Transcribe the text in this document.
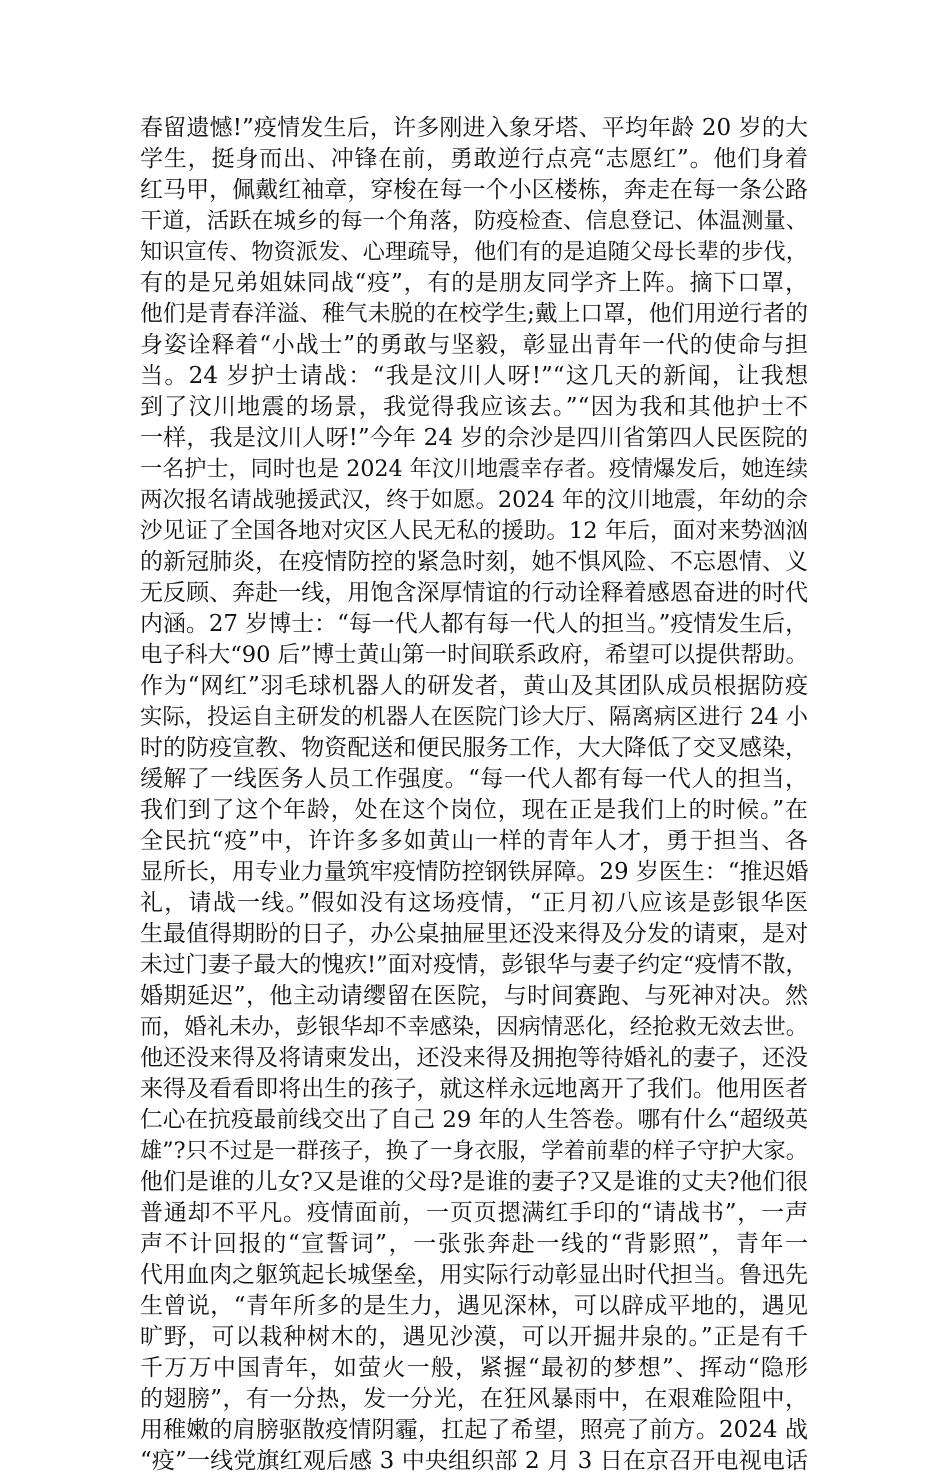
春留遗憾!”疫情发生后，许多刚进入象牙塔、平均年龄 20 岁的大
学生，挺身而出、冲锋在前，勇敢逆行点亮“志愿红”。他们身着
红马甲，佩戴红袖章，穿梭在每一个小区楼栋，奔走在每一条公路
干道，活跃在城乡的每一个角落，防疫检查、信息登记、体温测量、
知识宣传、物资派发、心理疏导，他们有的是追随父母长辈的步伐，
有的是兄弟姐妹同战“疫”，有的是朋友同学齐上阵。摘下口罩，
他们是青春洋溢、稚气未脱的在校学生;戴上口罩，他们用逆行者的
身姿诠释着“小战士”的勇敢与坚毅，彰显出青年一代的使命与担
当。24 岁护士请战：“我是汶川人呀!”“这几天的新闻，让我想
到了汶川地震的场景，我觉得我应该去。”“因为我和其他护士不
一样，我是汶川人呀!”今年 24 岁的佘沙是四川省第四人民医院的
一名护士，同时也是 2024 年汶川地震幸存者。疫情爆发后，她连续
两次报名请战驰援武汉，终于如愿。2024 年的汶川地震，年幼的佘
沙见证了全国各地对灾区人民无私的援助。12 年后，面对来势汹汹
的新冠肺炎，在疫情防控的紧急时刻，她不惧风险、不忘恩情、义
无反顾、奔赴一线，用饱含深厚情谊的行动诠释着感恩奋进的时代
内涵。27 岁博士：“每一代人都有每一代人的担当。”疫情发生后，
电子科大“90 后”博士黄山第一时间联系政府，希望可以提供帮助。
作为“网红”羽毛球机器人的研发者，黄山及其团队成员根据防疫
实际，投运自主研发的机器人在医院门诊大厅、隔离病区进行 24 小
时的防疫宣教、物资配送和便民服务工作，大大降低了交叉感染，
缓解了一线医务人员工作强度。“每一代人都有每一代人的担当，
我们到了这个年龄，处在这个岗位，现在正是我们上的时候。”在
全民抗“疫”中，许许多多如黄山一样的青年人才，勇于担当、各
显所长，用专业力量筑牢疫情防控钢铁屏障。29 岁医生：“推迟婚
礼，请战一线。”假如没有这场疫情，“正月初八应该是彭银华医
生最值得期盼的日子，办公桌抽屉里还没来得及分发的请柬，是对
未过门妻子最大的愧疚!”面对疫情，彭银华与妻子约定“疫情不散，
婚期延迟”，他主动请缨留在医院，与时间赛跑、与死神对决。然
而，婚礼未办，彭银华却不幸感染，因病情恶化，经抢救无效去世。
他还没来得及将请柬发出，还没来得及拥抱等待婚礼的妻子，还没
来得及看看即将出生的孩子，就这样永远地离开了我们。他用医者
仁心在抗疫最前线交出了自己 29 年的人生答卷。哪有什么“超级英
雄”?只不过是一群孩子，换了一身衣服，学着前辈的样子守护大家。
他们是谁的儿女?又是谁的父母?是谁的妻子?又是谁的丈夫?他们很
普通却不平凡。疫情面前，一页页摁满红手印的“请战书”，一声
声不计回报的“宣誓词”，一张张奔赴一线的“背影照”，青年一
代用血肉之躯筑起长城堡垒，用实际行动彰显出时代担当。鲁迅先
生曾说，“青年所多的是生力，遇见深林，可以辟成平地的，遇见
旷野，可以栽种树木的，遇见沙漠，可以开掘井泉的。”正是有千
千万万中国青年，如萤火一般，紧握“最初的梦想”、挥动“隐形
的翅膀”，有一分热，发一分光，在狂风暴雨中，在艰难险阻中，
用稚嫩的肩膀驱散疫情阴霾，扛起了希望，照亮了前方。2024 战
“疫”一线党旗红观后感 3 中央组织部 2 月 3 日在京召开电视电话
